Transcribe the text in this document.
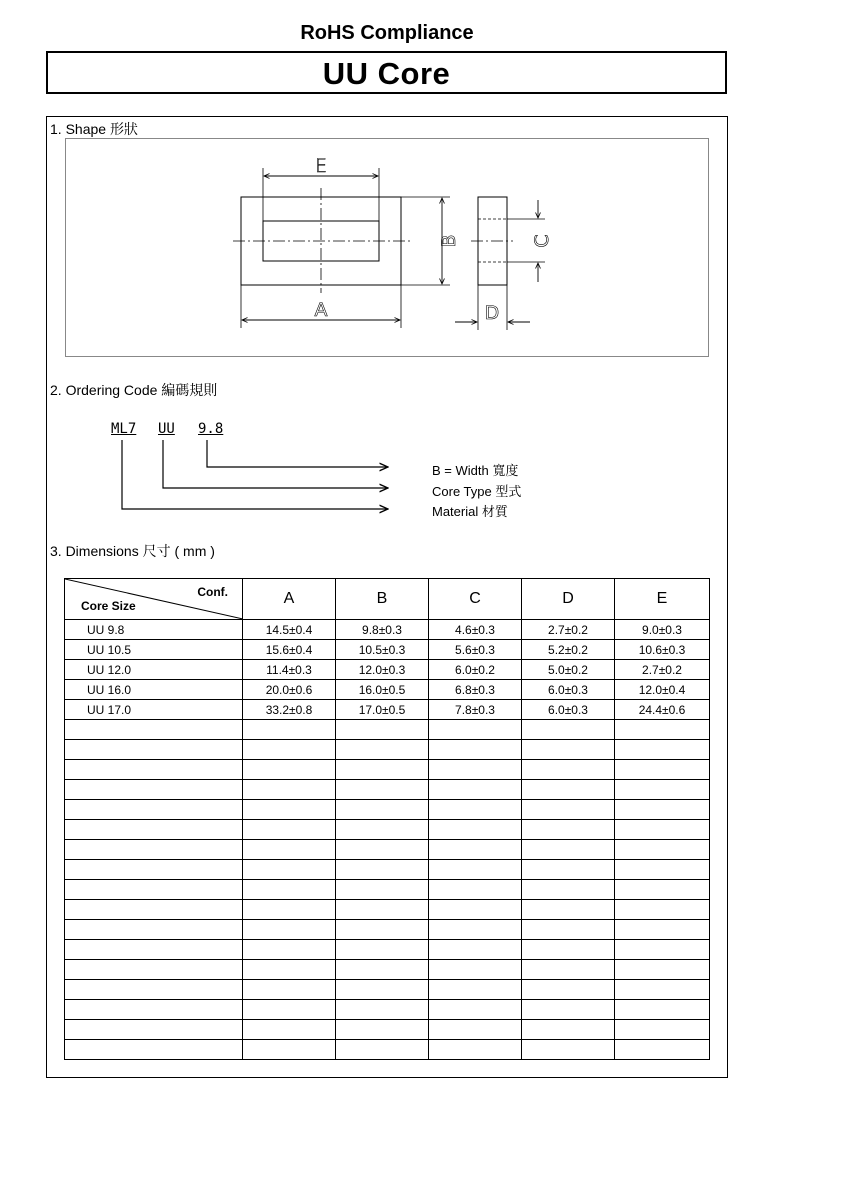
RoHS Compliance
UU Core
1. Shape 形狀
E
A
B	C
D
2. Ordering Code 編碼規則
ML7 UU 9.8
B = Width 寬度
Core Type 型式
Material 材質
3. Dimensions 尺寸 ( mm )
Conf.
Core Size	A	B	C	D	E
UU 9.8	14.5±0.4	9.8±0.3	4.6±0.3	2.7±0.2	9.0±0.3
UU 10.5	15.6±0.4	10.5±0.3	5.6±0.3	5.2±0.2	10.6±0.3
UU 12.0	11.4±0.3	12.0±0.3	6.0±0.2	5.0±0.2	2.7±0.2
UU 16.0	20.0±0.6	16.0±0.5	6.8±0.3	6.0±0.3	12.0±0.4
UU 17.0	33.2±0.8	17.0±0.5	7.8±0.3	6.0±0.3	24.4±0.6
